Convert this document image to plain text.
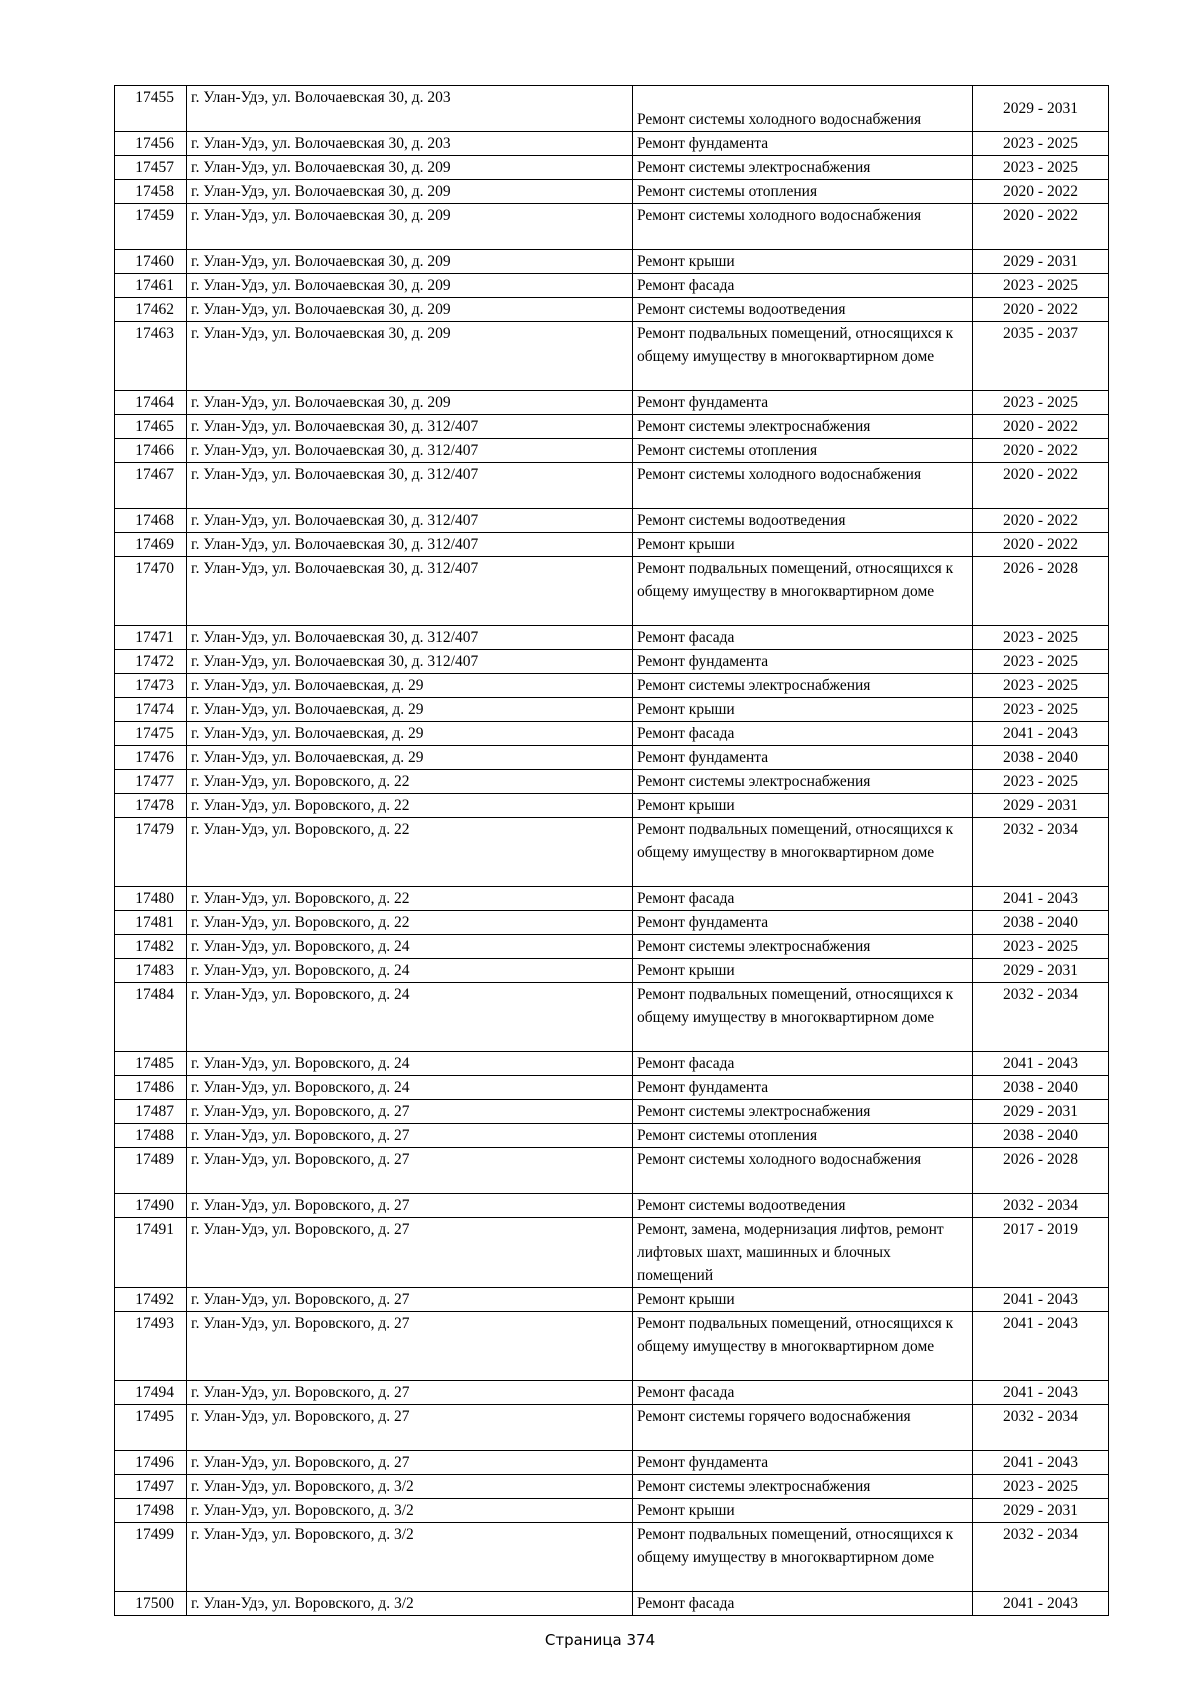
17455	г. Улан-Удэ, ул. Волочаевская 30, д. 203	Ремонт системы холодного водоснабжения	2029 - 2031
17456	г. Улан-Удэ, ул. Волочаевская 30, д. 203	Ремонт фундамента	2023 - 2025
17457	г. Улан-Удэ, ул. Волочаевская 30, д. 209	Ремонт системы электроснабжения	2023 - 2025
17458	г. Улан-Удэ, ул. Волочаевская 30, д. 209	Ремонт системы отопления	2020 - 2022
17459	г. Улан-Удэ, ул. Волочаевская 30, д. 209	Ремонт системы холодного водоснабжения	2020 - 2022
17460	г. Улан-Удэ, ул. Волочаевская 30, д. 209	Ремонт крыши	2029 - 2031
17461	г. Улан-Удэ, ул. Волочаевская 30, д. 209	Ремонт фасада	2023 - 2025
17462	г. Улан-Удэ, ул. Волочаевская 30, д. 209	Ремонт системы водоотведения	2020 - 2022
17463	г. Улан-Удэ, ул. Волочаевская 30, д. 209	Ремонт подвальных помещений, относящихся к общему имуществу в многоквартирном доме	2035 - 2037
17464	г. Улан-Удэ, ул. Волочаевская 30, д. 209	Ремонт фундамента	2023 - 2025
17465	г. Улан-Удэ, ул. Волочаевская 30, д. 312/407	Ремонт системы электроснабжения	2020 - 2022
17466	г. Улан-Удэ, ул. Волочаевская 30, д. 312/407	Ремонт системы отопления	2020 - 2022
17467	г. Улан-Удэ, ул. Волочаевская 30, д. 312/407	Ремонт системы холодного водоснабжения	2020 - 2022
17468	г. Улан-Удэ, ул. Волочаевская 30, д. 312/407	Ремонт системы водоотведения	2020 - 2022
17469	г. Улан-Удэ, ул. Волочаевская 30, д. 312/407	Ремонт крыши	2020 - 2022
17470	г. Улан-Удэ, ул. Волочаевская 30, д. 312/407	Ремонт подвальных помещений, относящихся к общему имуществу в многоквартирном доме	2026 - 2028
17471	г. Улан-Удэ, ул. Волочаевская 30, д. 312/407	Ремонт фасада	2023 - 2025
17472	г. Улан-Удэ, ул. Волочаевская 30, д. 312/407	Ремонт фундамента	2023 - 2025
17473	г. Улан-Удэ, ул. Волочаевская, д. 29	Ремонт системы электроснабжения	2023 - 2025
17474	г. Улан-Удэ, ул. Волочаевская, д. 29	Ремонт крыши	2023 - 2025
17475	г. Улан-Удэ, ул. Волочаевская, д. 29	Ремонт фасада	2041 - 2043
17476	г. Улан-Удэ, ул. Волочаевская, д. 29	Ремонт фундамента	2038 - 2040
17477	г. Улан-Удэ, ул. Воровского, д. 22	Ремонт системы электроснабжения	2023 - 2025
17478	г. Улан-Удэ, ул. Воровского, д. 22	Ремонт крыши	2029 - 2031
17479	г. Улан-Удэ, ул. Воровского, д. 22	Ремонт подвальных помещений, относящихся к общему имуществу в многоквартирном доме	2032 - 2034
17480	г. Улан-Удэ, ул. Воровского, д. 22	Ремонт фасада	2041 - 2043
17481	г. Улан-Удэ, ул. Воровского, д. 22	Ремонт фундамента	2038 - 2040
17482	г. Улан-Удэ, ул. Воровского, д. 24	Ремонт системы электроснабжения	2023 - 2025
17483	г. Улан-Удэ, ул. Воровского, д. 24	Ремонт крыши	2029 - 2031
17484	г. Улан-Удэ, ул. Воровского, д. 24	Ремонт подвальных помещений, относящихся к общему имуществу в многоквартирном доме	2032 - 2034
17485	г. Улан-Удэ, ул. Воровского, д. 24	Ремонт фасада	2041 - 2043
17486	г. Улан-Удэ, ул. Воровского, д. 24	Ремонт фундамента	2038 - 2040
17487	г. Улан-Удэ, ул. Воровского, д. 27	Ремонт системы электроснабжения	2029 - 2031
17488	г. Улан-Удэ, ул. Воровского, д. 27	Ремонт системы отопления	2038 - 2040
17489	г. Улан-Удэ, ул. Воровского, д. 27	Ремонт системы холодного водоснабжения	2026 - 2028
17490	г. Улан-Удэ, ул. Воровского, д. 27	Ремонт системы водоотведения	2032 - 2034
17491	г. Улан-Удэ, ул. Воровского, д. 27	Ремонт, замена, модернизация лифтов, ремонт лифтовых шахт, машинных и блочных помещений	2017 - 2019
17492	г. Улан-Удэ, ул. Воровского, д. 27	Ремонт крыши	2041 - 2043
17493	г. Улан-Удэ, ул. Воровского, д. 27	Ремонт подвальных помещений, относящихся к общему имуществу в многоквартирном доме	2041 - 2043
17494	г. Улан-Удэ, ул. Воровского, д. 27	Ремонт фасада	2041 - 2043
17495	г. Улан-Удэ, ул. Воровского, д. 27	Ремонт системы горячего водоснабжения	2032 - 2034
17496	г. Улан-Удэ, ул. Воровского, д. 27	Ремонт фундамента	2041 - 2043
17497	г. Улан-Удэ, ул. Воровского, д. 3/2	Ремонт системы электроснабжения	2023 - 2025
17498	г. Улан-Удэ, ул. Воровского, д. 3/2	Ремонт крыши	2029 - 2031
17499	г. Улан-Удэ, ул. Воровского, д. 3/2	Ремонт подвальных помещений, относящихся к общему имуществу в многоквартирном доме	2032 - 2034
17500	г. Улан-Удэ, ул. Воровского, д. 3/2	Ремонт фасада	2041 - 2043
Страница 374
